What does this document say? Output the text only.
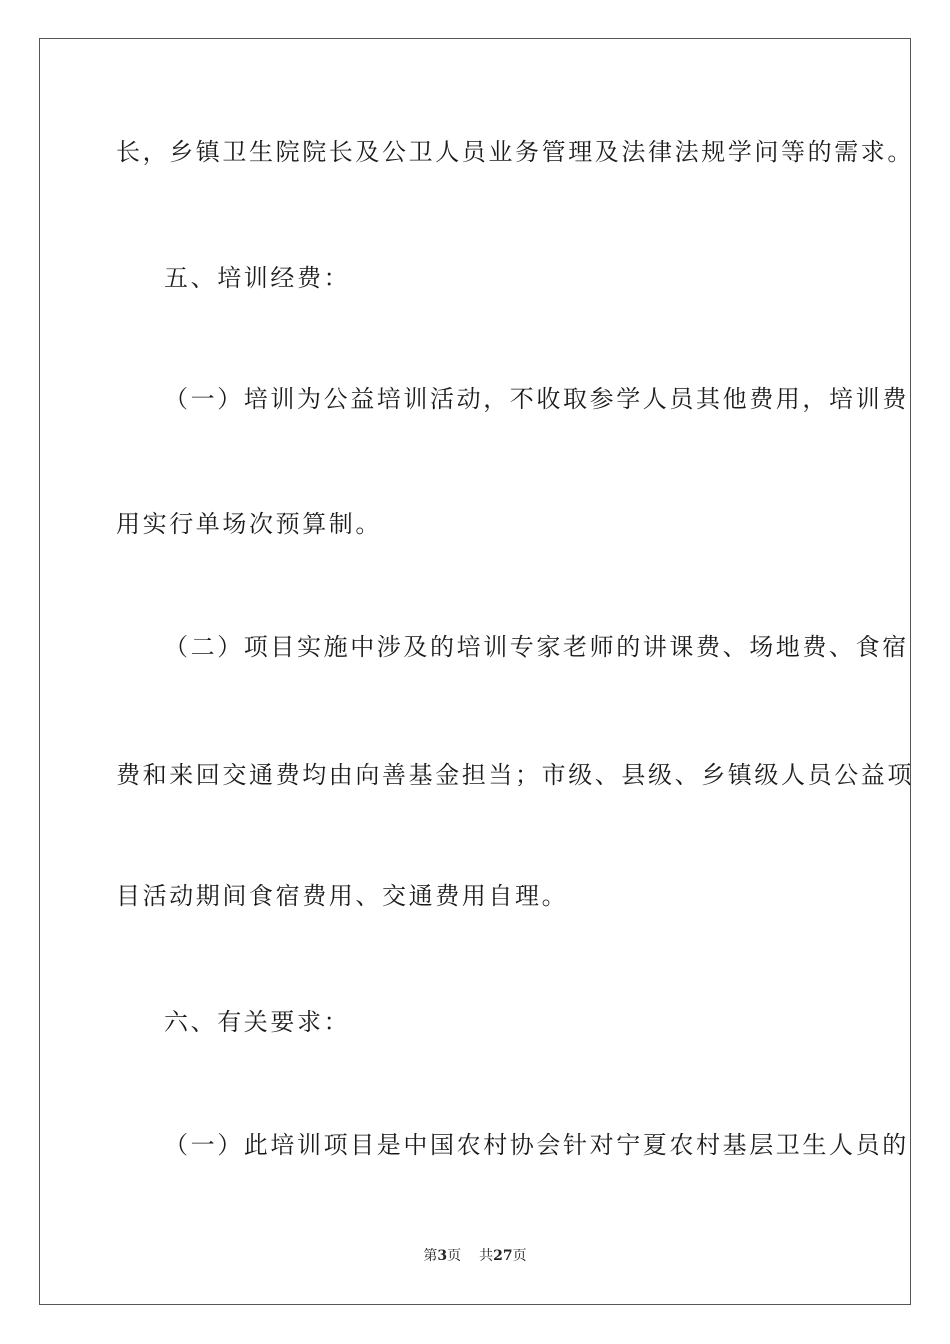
长，乡镇卫生院院长及公卫人员业务管理及法律法规学问等的需求。
五、培训经费：
（一）培训为公益培训活动，不收取参学人员其他费用，培训费
用实行单场次预算制。
（二）项目实施中涉及的培训专家老师的讲课费、场地费、食宿
费和来回交通费均由向善基金担当；市级、县级、乡镇级人员公益项
目活动期间食宿费用、交通费用自理。
六、有关要求：
（一）此培训项目是中国农村协会针对宁夏农村基层卫生人员的
第3页 共27页
